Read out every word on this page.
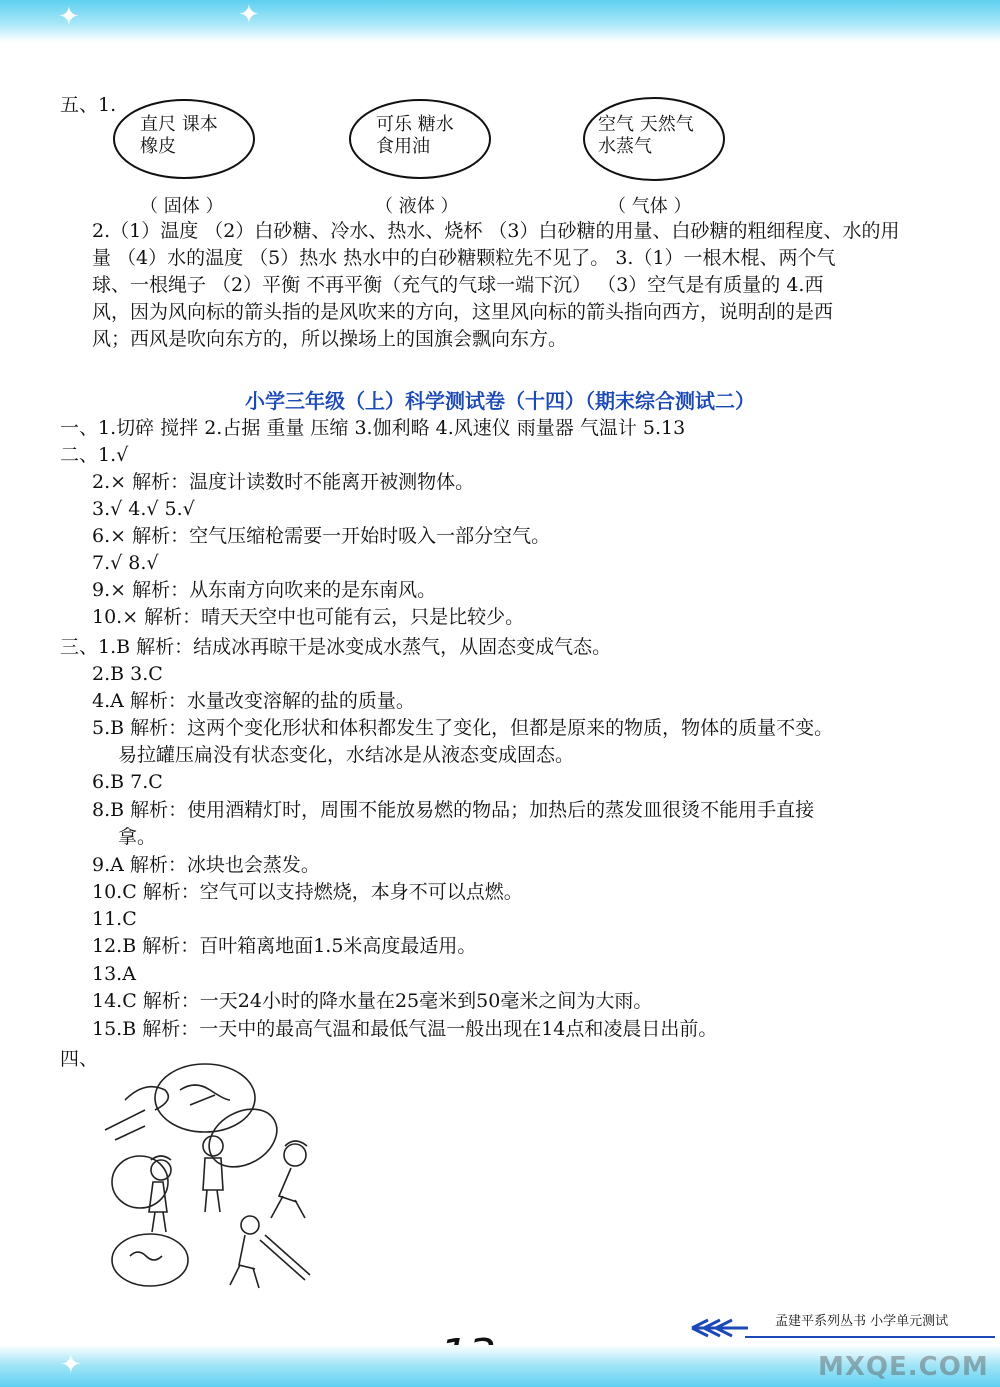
✦	✦
五、1.
直尺 课本
橡皮
可乐 糖水
食用油
空气 天然气
水蒸气
（ 固体 ）	（ 液体 ）	（ 气体 ）
2.（1）温度 （2）白砂糖、冷水、热水、烧杯 （3）白砂糖的用量、白砂糖的粗细程度、水的用
量 （4）水的温度 （5）热水 热水中的白砂糖颗粒先不见了。 3.（1）一根木棍、两个气
球、一根绳子 （2）平衡 不再平衡（充气的气球一端下沉） （3）空气是有质量的 4.西
风，因为风向标的箭头指的是风吹来的方向，这里风向标的箭头指向西方，说明刮的是西
风；西风是吹向东方的，所以操场上的国旗会飘向东方。
小学三年级（上）科学测试卷（十四）（期末综合测试二）
一、1.切碎 搅拌 2.占据 重量 压缩 3.伽利略 4.风速仪 雨量器 气温计 5.13
二、1.√
2.× 解析：温度计读数时不能离开被测物体。
3.√ 4.√ 5.√
6.× 解析：空气压缩枪需要一开始时吸入一部分空气。
7.√ 8.√
9.× 解析：从东南方向吹来的是东南风。
10.× 解析：晴天天空中也可能有云，只是比较少。
三、1.B 解析：结成冰再晾干是冰变成水蒸气，从固态变成气态。
2.B 3.C
4.A 解析：水量改变溶解的盐的质量。
5.B 解析：这两个变化形状和体积都发生了变化，但都是原来的物质，物体的质量不变。
易拉罐压扁没有状态变化，水结冰是从液态变成固态。
6.B 7.C
8.B 解析：使用酒精灯时，周围不能放易燃的物品；加热后的蒸发皿很烫不能用手直接
拿。
9.A 解析：冰块也会蒸发。
10.C 解析：空气可以支持燃烧，本身不可以点燃。
11.C
12.B 解析：百叶箱离地面1.5米高度最适用。
13.A
14.C 解析：一天24小时的降水量在25毫米到50毫米之间为大雨。
15.B 解析：一天中的最高气温和最低气温一般出现在14点和凌晨日出前。
四、
孟建平系列丛书 小学单元测试
✦	MXQE.COM
